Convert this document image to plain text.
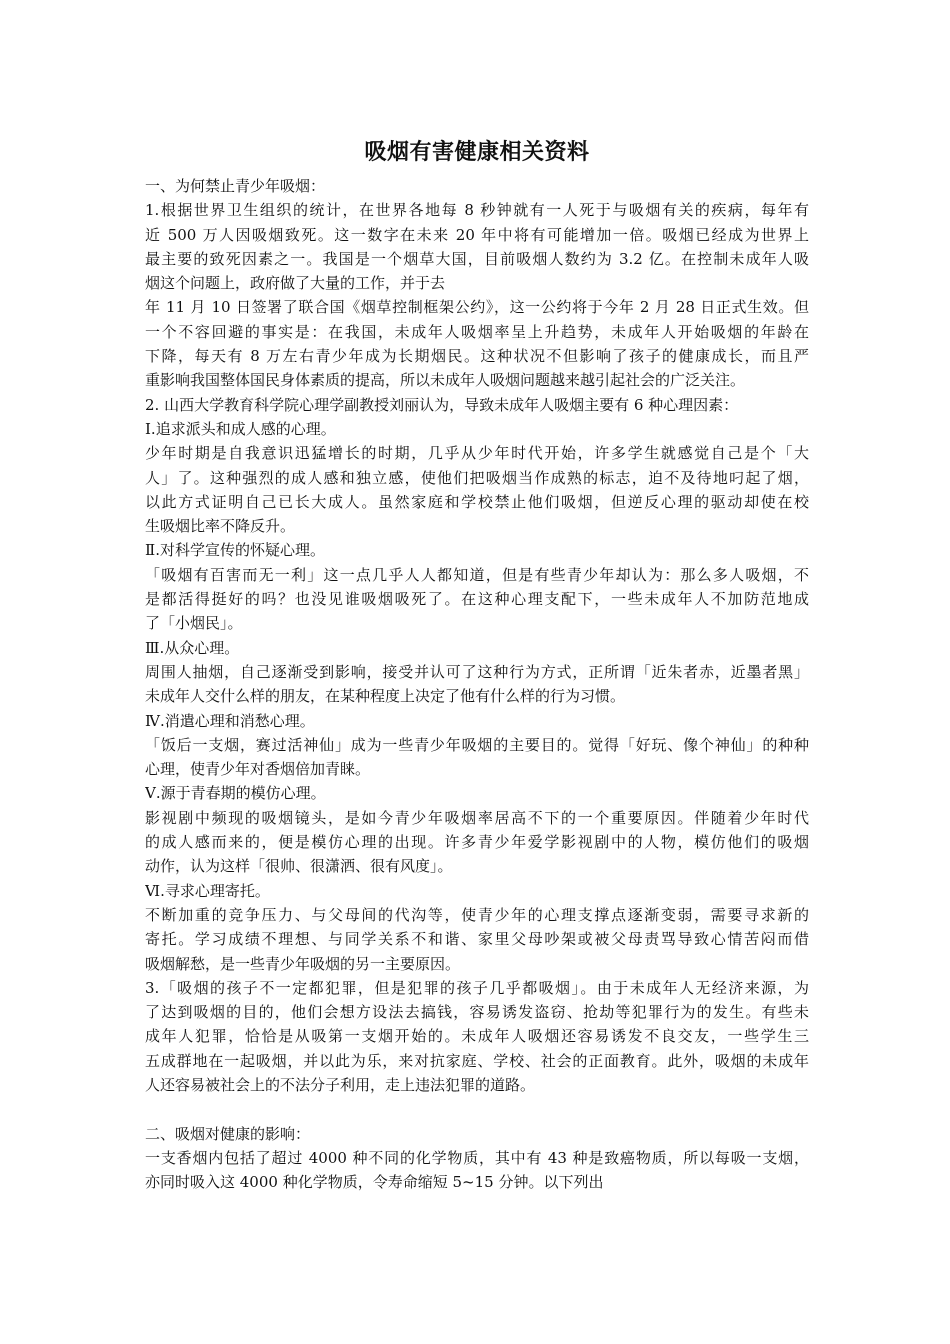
吸烟有害健康相关资料
一、为何禁止青少年吸烟：
1.根据世界卫生组织的统计，在世界各地每 8 秒钟就有一人死于与吸烟有关的疾病，每年有
近 500 万人因吸烟致死。这一数字在未来 20 年中将有可能增加一倍。吸烟已经成为世界上
最主要的致死因素之一。我国是一个烟草大国，目前吸烟人数约为 3.2 亿。在控制未成年人吸
烟这个问题上，政府做了大量的工作，并于去
年 11 月 10 日签署了联合国《烟草控制框架公约》，这一公约将于今年 2 月 28 日正式生效。但
一个不容回避的事实是：在我国，未成年人吸烟率呈上升趋势，未成年人开始吸烟的年龄在
下降，每天有 8 万左右青少年成为长期烟民。这种状况不但影响了孩子的健康成长，而且严
重影响我国整体国民身体素质的提高，所以未成年人吸烟问题越来越引起社会的广泛关注。
2. 山西大学教育科学院心理学副教授刘丽认为，导致未成年人吸烟主要有 6 种心理因素：
Ⅰ.追求派头和成人感的心理。
少年时期是自我意识迅猛增长的时期，几乎从少年时代开始，许多学生就感觉自己是个「大
人」了。这种强烈的成人感和独立感，使他们把吸烟当作成熟的标志，迫不及待地叼起了烟，
以此方式证明自己已长大成人。虽然家庭和学校禁止他们吸烟，但逆反心理的驱动却使在校
生吸烟比率不降反升。
Ⅱ.对科学宣传的怀疑心理。
「吸烟有百害而无一利」这一点几乎人人都知道，但是有些青少年却认为：那么多人吸烟，不
是都活得挺好的吗？也没见谁吸烟吸死了。在这种心理支配下，一些未成年人不加防范地成
了「小烟民」。
Ⅲ.从众心理。
周围人抽烟，自己逐渐受到影响，接受并认可了这种行为方式，正所谓「近朱者赤，近墨者黑」
未成年人交什么样的朋友，在某种程度上决定了他有什么样的行为习惯。
Ⅳ.消遣心理和消愁心理。
「饭后一支烟，赛过活神仙」成为一些青少年吸烟的主要目的。觉得「好玩、像个神仙」的种种
心理，使青少年对香烟倍加青睐。
Ⅴ.源于青春期的模仿心理。
影视剧中频现的吸烟镜头，是如今青少年吸烟率居高不下的一个重要原因。伴随着少年时代
的成人感而来的，便是模仿心理的出现。许多青少年爱学影视剧中的人物，模仿他们的吸烟
动作，认为这样「很帅、很潇洒、很有风度」。
Ⅵ.寻求心理寄托。
不断加重的竞争压力、与父母间的代沟等，使青少年的心理支撑点逐渐变弱，需要寻求新的
寄托。学习成绩不理想、与同学关系不和谐、家里父母吵架或被父母责骂导致心情苦闷而借
吸烟解愁，是一些青少年吸烟的另一主要原因。
3.「吸烟的孩子不一定都犯罪，但是犯罪的孩子几乎都吸烟」。由于未成年人无经济来源，为
了达到吸烟的目的，他们会想方设法去搞钱，容易诱发盗窃、抢劫等犯罪行为的发生。有些未
成年人犯罪，恰恰是从吸第一支烟开始的。未成年人吸烟还容易诱发不良交友，一些学生三
五成群地在一起吸烟，并以此为乐，来对抗家庭、学校、社会的正面教育。此外，吸烟的未成年
人还容易被社会上的不法分子利用，走上违法犯罪的道路。
二、吸烟对健康的影响：
一支香烟内包括了超过 4000 种不同的化学物质，其中有 43 种是致癌物质，所以每吸一支烟，
亦同时吸入这 4000 种化学物质，令寿命缩短 5~15 分钟。以下列出
